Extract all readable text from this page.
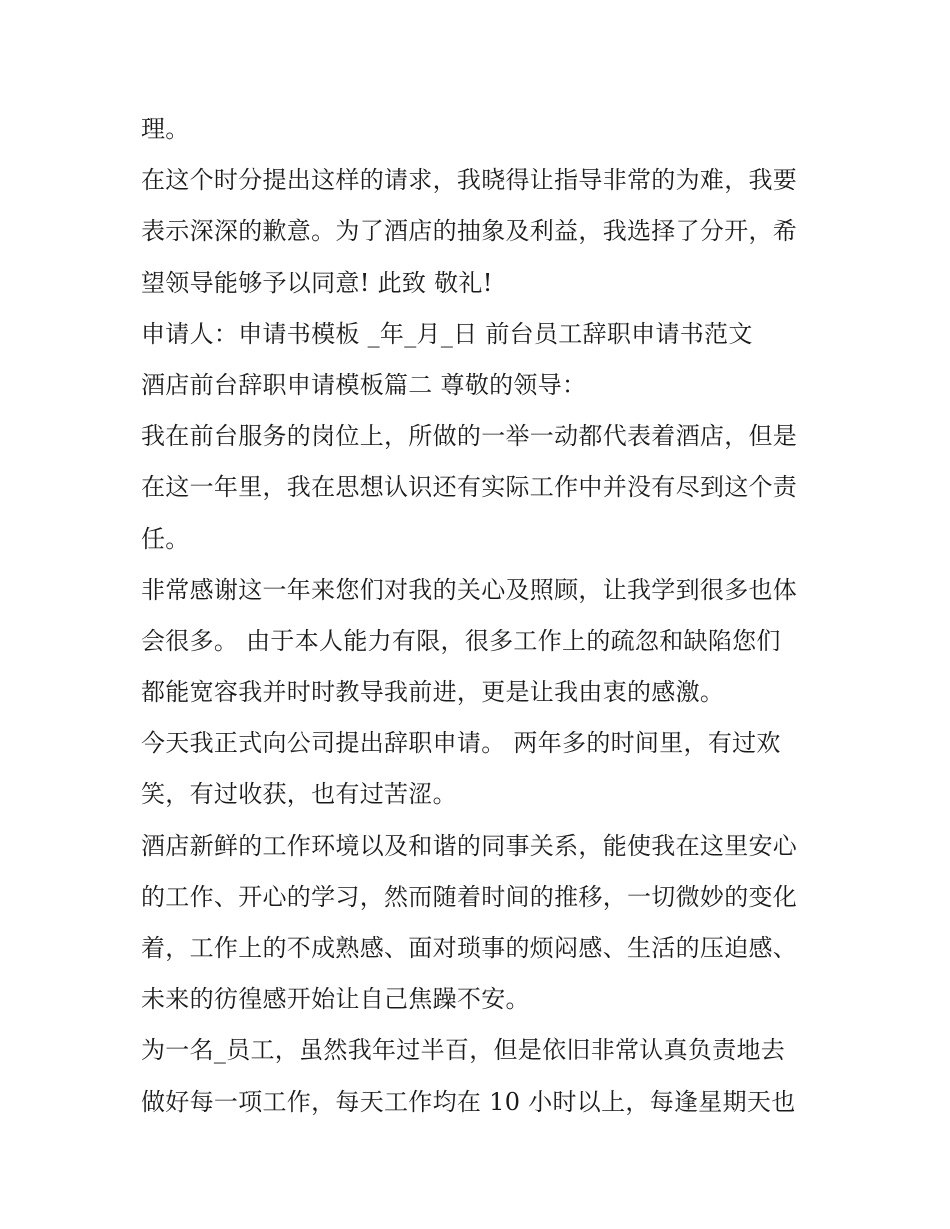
理。
在这个时分提出这样的请求，我晓得让指导非常的为难，我要
表示深深的歉意。为了酒店的抽象及利益，我选择了分开，希
望领导能够予以同意! 此致 敬礼!
申请人：申请书模板 _年_月_日 前台员工辞职申请书范文
酒店前台辞职申请模板篇二 尊敬的领导：
我在前台服务的岗位上，所做的一举一动都代表着酒店，但是
在这一年里，我在思想认识还有实际工作中并没有尽到这个责
任。
非常感谢这一年来您们对我的关心及照顾，让我学到很多也体
会很多。 由于本人能力有限，很多工作上的疏忽和缺陷您们
都能宽容我并时时教导我前进，更是让我由衷的感激。
今天我正式向公司提出辞职申请。 两年多的时间里，有过欢
笑，有过收获，也有过苦涩。
酒店新鲜的工作环境以及和谐的同事关系，能使我在这里安心
的工作、开心的学习，然而随着时间的推移，一切微妙的变化
着，工作上的不成熟感、面对琐事的烦闷感、生活的压迫感、
未来的彷徨感开始让自己焦躁不安。
为一名_员工，虽然我年过半百，但是依旧非常认真负责地去
做好每一项工作，每天工作均在 10 小时以上，每逢星期天也
